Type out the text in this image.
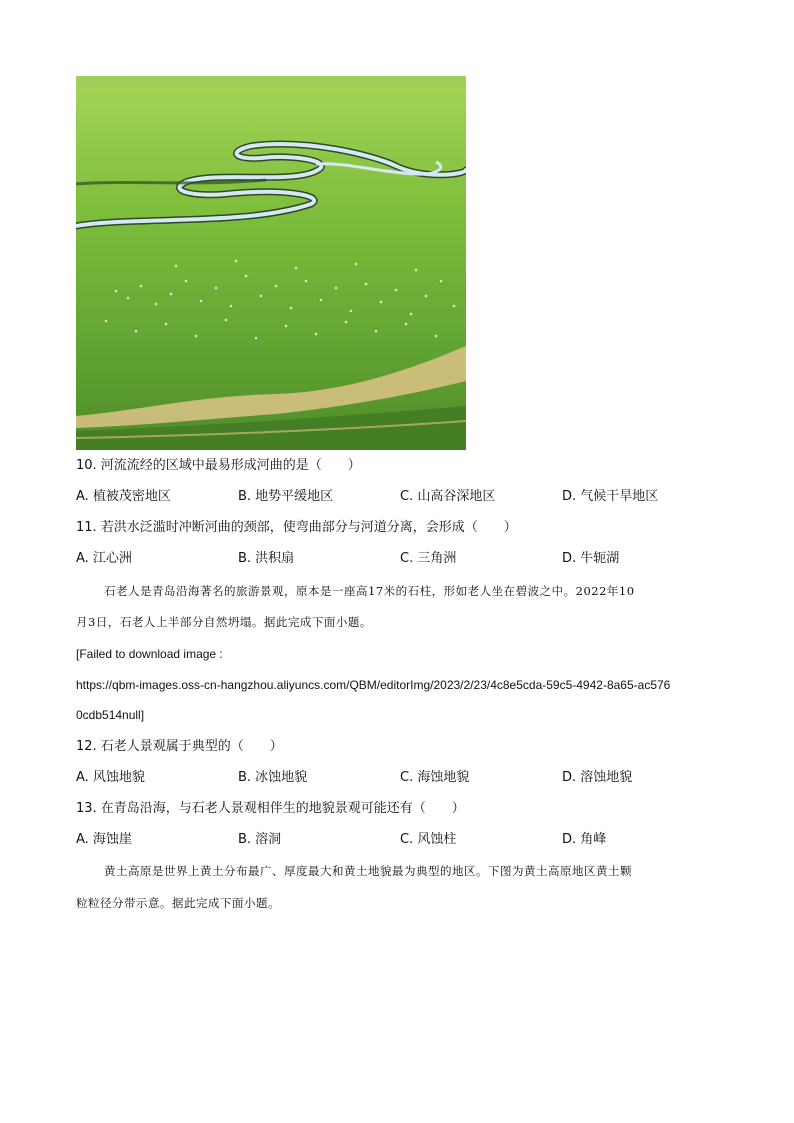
10. 河流流经的区域中最易形成河曲的是（　　）
A. 植被茂密地区	B. 地势平缓地区	C. 山高谷深地区	D. 气候干旱地区
11. 若洪水泛滥时冲断河曲的颈部，使弯曲部分与河道分离，会形成（　　）
A. 江心洲	B. 洪积扇	C. 三角洲	D. 牛轭湖
石老人是青岛沿海著名的旅游景观，原本是一座高17米的石柱，形如老人坐在碧波之中。2022年10
月3日，石老人上半部分自然坍塌。据此完成下面小题。
[Failed to download image :
https://qbm-images.oss-cn-hangzhou.aliyuncs.com/QBM/editorImg/2023/2/23/4c8e5cda-59c5-4942-8a65-ac576
0cdb514null]
12. 石老人景观属于典型的（　　）
A. 风蚀地貌	B. 冰蚀地貌	C. 海蚀地貌	D. 溶蚀地貌
13. 在青岛沿海，与石老人景观相伴生的地貌景观可能还有（　　）
A. 海蚀崖	B. 溶洞	C. 风蚀柱	D. 角峰
黄土高原是世界上黄土分布最广、厚度最大和黄土地貌最为典型的地区。下图为黄土高原地区黄土颗
粒粒径分带示意。据此完成下面小题。
